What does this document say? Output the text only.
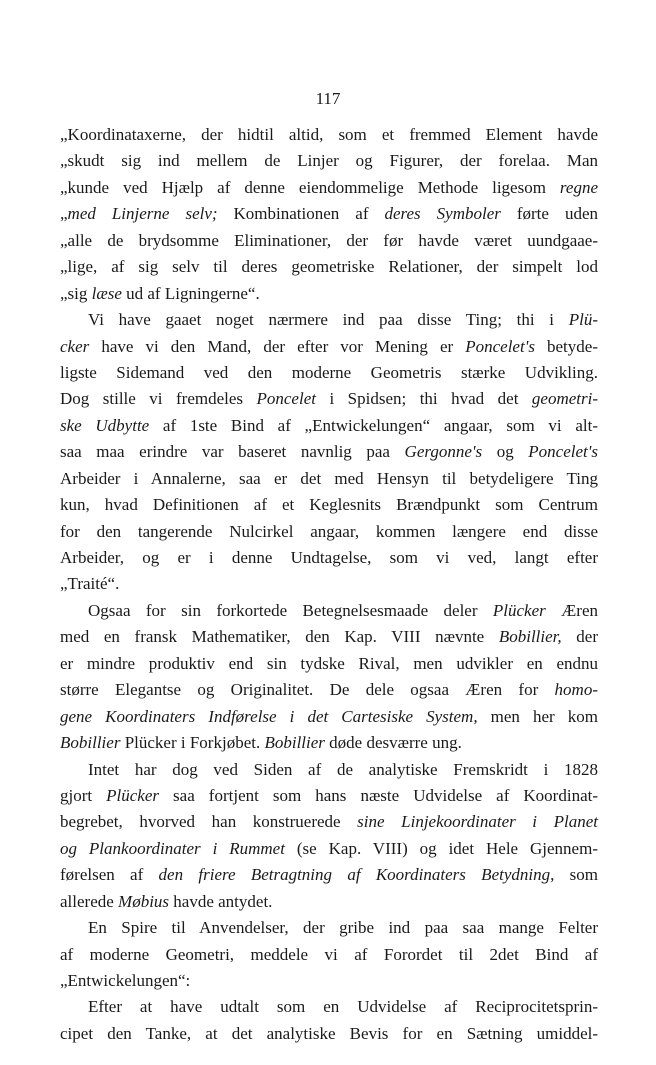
117
„Koordinataxerne, der hidtil altid, som et fremmed Element havde
„skudt sig ind mellem de Linjer og Figurer, der forelaa. Man
„kunde ved Hjælp af denne eiendommelige Methode ligesom regne
„med Linjerne selv; Kombinationen af deres Symboler førte uden
„alle de brydsomme Eliminationer, der før havde været uundgaae-
„lige, af sig selv til deres geometriske Relationer, der simpelt lod
„sig læse ud af Ligningerne“.
Vi have gaaet noget nærmere ind paa disse Ting; thi i Plü-
cker have vi den Mand, der efter vor Mening er Poncelet's betyde-
ligste Sidemand ved den moderne Geometris stærke Udvikling.
Dog stille vi fremdeles Poncelet i Spidsen; thi hvad det geometri-
ske Udbytte af 1ste Bind af „Entwickelungen“ angaar, som vi alt-
saa maa erindre var baseret navnlig paa Gergonne's og Poncelet's
Arbeider i Annalerne, saa er det med Hensyn til betydeligere Ting
kun, hvad Definitionen af et Keglesnits Brændpunkt som Centrum
for den tangerende Nulcirkel angaar, kommen længere end disse
Arbeider, og er i denne Undtagelse, som vi ved, langt efter
„Traité“.
Ogsaa for sin forkortede Betegnelsesmaade deler Plücker Æren
med en fransk Mathematiker, den Kap. VIII nævnte Bobillier, der
er mindre produktiv end sin tydske Rival, men udvikler en endnu
større Elegantse og Originalitet. De dele ogsaa Æren for homo-
gene Koordinaters Indførelse i det Cartesiske System, men her kom
Bobillier Plücker i Forkjøbet. Bobillier døde desværre ung.
Intet har dog ved Siden af de analytiske Fremskridt i 1828
gjort Plücker saa fortjent som hans næste Udvidelse af Koordinat-
begrebet, hvorved han konstruerede sine Linjekoordinater i Planet
og Plankoordinater i Rummet (se Kap. VIII) og idet Hele Gjennem-
førelsen af den friere Betragtning af Koordinaters Betydning, som
allerede Møbius havde antydet.
En Spire til Anvendelser, der gribe ind paa saa mange Felter
af moderne Geometri, meddele vi af Forordet til 2det Bind af
„Entwickelungen“:
Efter at have udtalt som en Udvidelse af Reciprocitetsprin-
cipet den Tanke, at det analytiske Bevis for en Sætning umiddel-
